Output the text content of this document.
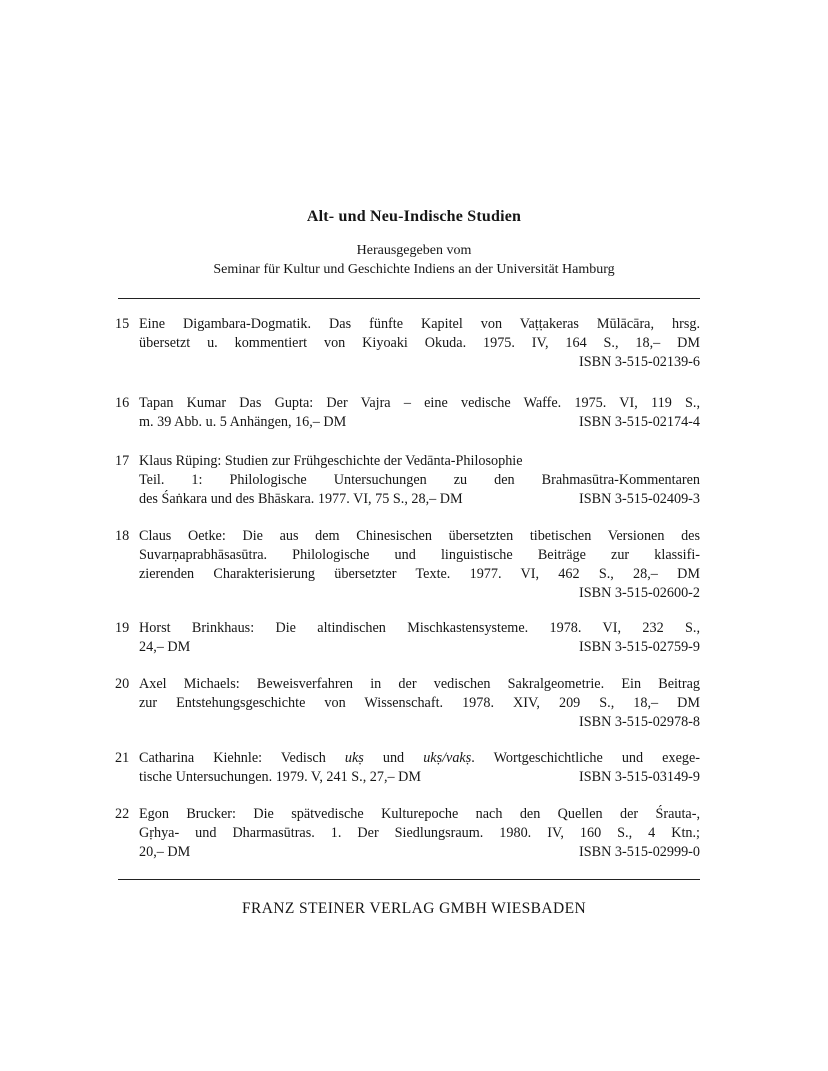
Alt- und Neu-Indische Studien
Herausgegeben vom
Seminar für Kultur und Geschichte Indiens an der Universität Hamburg
15 Eine Digambara-Dogmatik. Das fünfte Kapitel von Vaṭṭakeras Mūlācāra, hrsg.
übersetzt u. kommentiert von Kiyoaki Okuda. 1975. IV, 164 S., 18,– DM
ISBN 3-515-02139-6
16 Tapan Kumar Das Gupta: Der Vajra – eine vedische Waffe. 1975. VI, 119 S.,
m. 39 Abb. u. 5 Anhängen, 16,– DM	ISBN 3-515-02174-4
17 Klaus Rüping: Studien zur Frühgeschichte der Vedānta-Philosophie
Teil. 1: Philologische Untersuchungen zu den Brahmasūtra-Kommentaren
des Śaṅkara und des Bhāskara. 1977. VI, 75 S., 28,– DM	ISBN 3-515-02409-3
18 Claus Oetke: Die aus dem Chinesischen übersetzten tibetischen Versionen des
Suvarṇaprabhāsasūtra. Philologische und linguistische Beiträge zur klassifi-
zierenden Charakterisierung übersetzter Texte. 1977. VI, 462 S., 28,– DM
ISBN 3-515-02600-2
19 Horst Brinkhaus: Die altindischen Mischkastensysteme. 1978. VI, 232 S.,
24,– DM	ISBN 3-515-02759-9
20 Axel Michaels: Beweisverfahren in der vedischen Sakralgeometrie. Ein Beitrag
zur Entstehungsgeschichte von Wissenschaft. 1978. XIV, 209 S., 18,– DM
ISBN 3-515-02978-8
21 Catharina Kiehnle: Vedisch ukṣ und ukṣ/vakṣ. Wortgeschichtliche und exege-
tische Untersuchungen. 1979. V, 241 S., 27,– DM	ISBN 3-515-03149-9
22 Egon Brucker: Die spätvedische Kulturepoche nach den Quellen der Śrauta-,
Gṛhya- und Dharmasūtras. 1. Der Siedlungsraum. 1980. IV, 160 S., 4 Ktn.;
20,– DM	ISBN 3-515-02999-0
FRANZ STEINER VERLAG GMBH WIESBADEN
